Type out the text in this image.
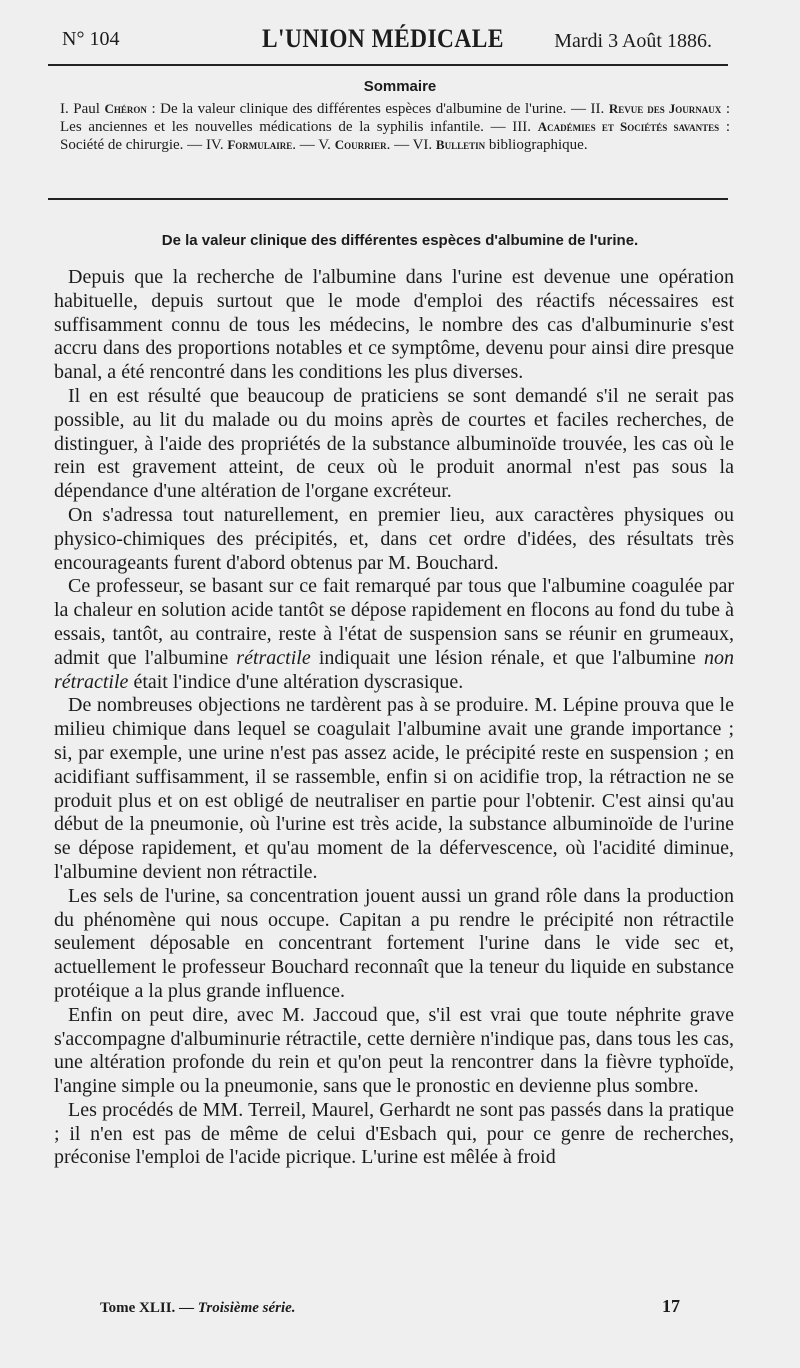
N° 104	L'UNION MÉDICALE	Mardi 3 Août 1886.
Sommaire
I. Paul Chéron : De la valeur clinique des différentes espèces d'albumine de l'urine. — II. Revue des Journaux : Les anciennes et les nouvelles médications de la syphilis infantile. — III. Académies et Sociétés savantes : Société de chirurgie. — IV. Formulaire. — V. Courrier. — VI. Bulletin bibliographique.
De la valeur clinique des différentes espèces d'albumine de l'urine.

Depuis que la recherche de l'albumine dans l'urine est devenue une opération habituelle, depuis surtout que le mode d'emploi des réactifs nécessaires est suffisamment connu de tous les médecins, le nombre des cas d'albuminurie s'est accru dans des proportions notables et ce symptôme, devenu pour ainsi dire presque banal, a été rencontré dans les conditions les plus diverses.

Il en est résulté que beaucoup de praticiens se sont demandé s'il ne serait pas possible, au lit du malade ou du moins après de courtes et faciles recherches, de distinguer, à l'aide des propriétés de la substance albuminoïde trouvée, les cas où le rein est gravement atteint, de ceux où le produit anormal n'est pas sous la dépendance d'une altération de l'organe excréteur.

On s'adressa tout naturellement, en premier lieu, aux caractères physiques ou physico-chimiques des précipités, et, dans cet ordre d'idées, des résultats très encourageants furent d'abord obtenus par M. Bouchard.

Ce professeur, se basant sur ce fait remarqué par tous que l'albumine coagulée par la chaleur en solution acide tantôt se dépose rapidement en flocons au fond du tube à essais, tantôt, au contraire, reste à l'état de suspension sans se réunir en grumeaux, admit que l'albumine rétractile indiquait une lésion rénale, et que l'albumine non rétractile était l'indice d'une altération dyscrasique.

De nombreuses objections ne tardèrent pas à se produire. M. Lépine prouva que le milieu chimique dans lequel se coagulait l'albumine avait une grande importance ; si, par exemple, une urine n'est pas assez acide, le précipité reste en suspension ; en acidifiant suffisamment, il se rassemble, enfin si on acidifie trop, la rétraction ne se produit plus et on est obligé de neutraliser en partie pour l'obtenir. C'est ainsi qu'au début de la pneumonie, où l'urine est très acide, la substance albuminoïde de l'urine se dépose rapidement, et qu'au moment de la défervescence, où l'acidité diminue, l'albumine devient non rétractile.

Les sels de l'urine, sa concentration jouent aussi un grand rôle dans la production du phénomène qui nous occupe. Capitan a pu rendre le précipité non rétractile seulement déposable en concentrant fortement l'urine dans le vide sec et, actuellement le professeur Bouchard reconnaît que la teneur du liquide en substance protéique a la plus grande influence.

Enfin on peut dire, avec M. Jaccoud que, s'il est vrai que toute néphrite grave s'accompagne d'albuminurie rétractile, cette dernière n'indique pas, dans tous les cas, une altération profonde du rein et qu'on peut la rencontrer dans la fièvre typhoïde, l'angine simple ou la pneumonie, sans que le pronostic en devienne plus sombre.

Les procédés de MM. Terreil, Maurel, Gerhardt ne sont pas passés dans la pratique ; il n'en est pas de même de celui d'Esbach qui, pour ce genre de recherches, préconise l'emploi de l'acide picrique. L'urine est mêlée à froid

Tome XLII. — Troisième série.	17
